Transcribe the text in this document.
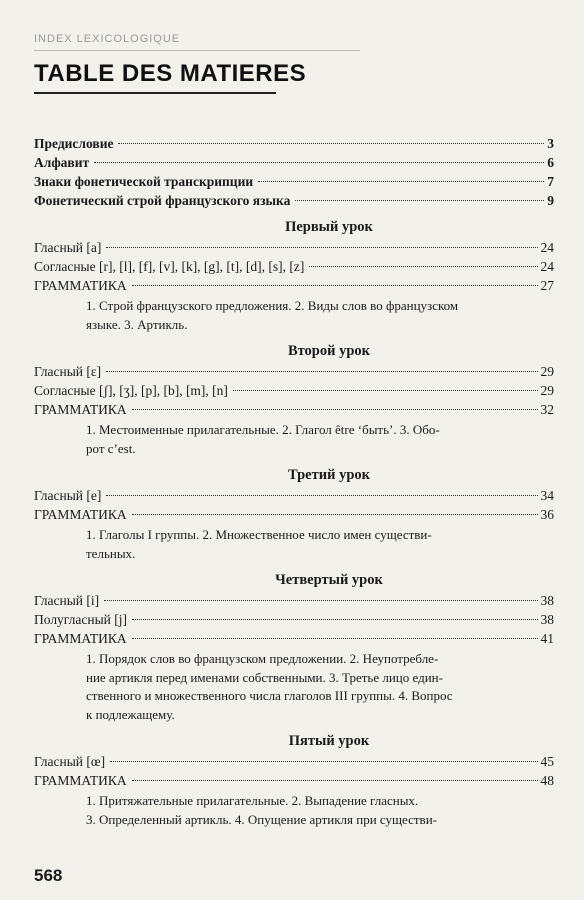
INDEX LEXICOLOGIQUE
TABLE DES MATIERES
Предисловие	3
Алфавит	6
Знаки фонетической транскрипции	7
Фонетический строй французского языка	9
Первый урок
Гласный [a]	24
Согласные [r], [l], [f], [v], [k], [g], [t], [d], [s], [z]	24
ГРАММАТИКА	27
1. Строй французского предложения. 2. Виды слов во французском
языке. 3. Артикль.
Второй урок
Гласный [ɛ]	29
Согласные [ʃ], [ʒ], [p], [b], [m], [n]	29
ГРАММАТИКА	32
1. Местоименные прилагательные. 2. Глагол être ‘быть’. 3. Обо-
рот c’est.
Третий урок
Гласный [e]	34
ГРАММАТИКА	36
1. Глаголы I группы. 2. Множественное число имен существи-
тельных.
Четвертый урок
Гласный [i]	38
Полугласный [j]	38
ГРАММАТИКА	41
1. Порядок слов во французском предложении. 2. Неупотребле-
ние артикля перед именами собственными. 3. Третье лицо един-
ственного и множественного числа глаголов III группы. 4. Вопрос
к подлежащему.
Пятый урок
Гласный [œ]	45
ГРАММАТИКА	48
1. Притяжательные прилагательные. 2. Выпадение гласных.
3. Определенный артикль. 4. Опущение артикля при существи-
568
